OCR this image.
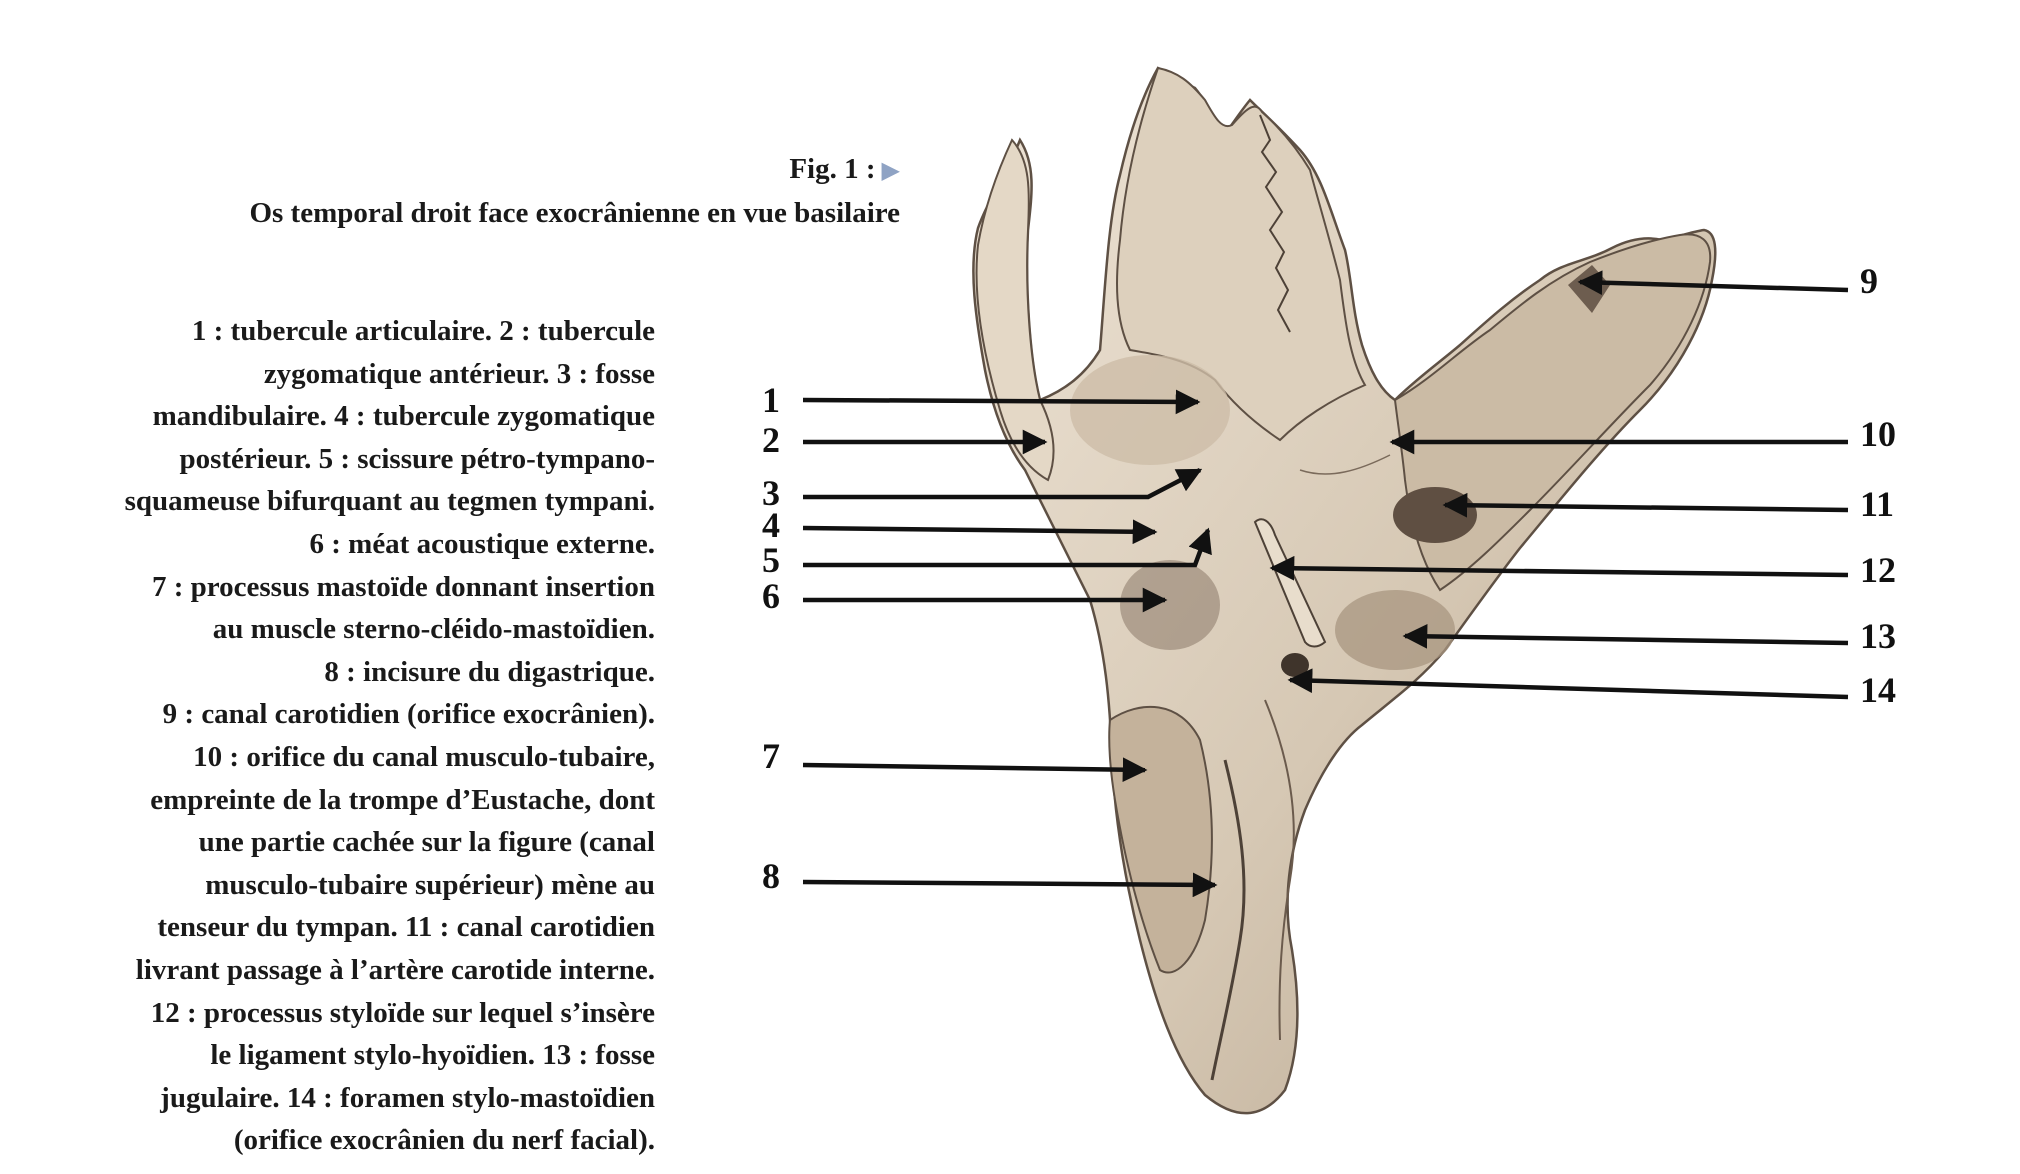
Fig. 1 : ▶
Os temporal droit face exocrânienne en vue basilaire

1 : tubercule articulaire. 2 : tubercule

zygomatique antérieur. 3 : fosse

mandibulaire. 4 : tubercule zygomatique

postérieur. 5 : scissure pétro-tympano-

squameuse bifurquant au tegmen tympani.

6 : méat acoustique externe.

7 : processus mastoïde donnant insertion

au muscle sterno-cléido-mastoïdien.

8 : incisure du digastrique.

9 : canal carotidien (orifice exocrânien).

10 : orifice du canal musculo-tubaire,

empreinte de la trompe d’Eustache, dont

une partie cachée sur la figure (canal

musculo-tubaire supérieur) mène au

tenseur du tympan. 11 : canal carotidien

livrant passage à l’artère carotide interne.

12 : processus styloïde sur lequel s’insère

le ligament stylo-hyoïdien. 13 : fosse

jugulaire. 14 : foramen stylo-mastoïdien

(orifice exocrânien du nerf facial).

1
2
3
4
5
6
7
8
9
10
11
12
13
14
